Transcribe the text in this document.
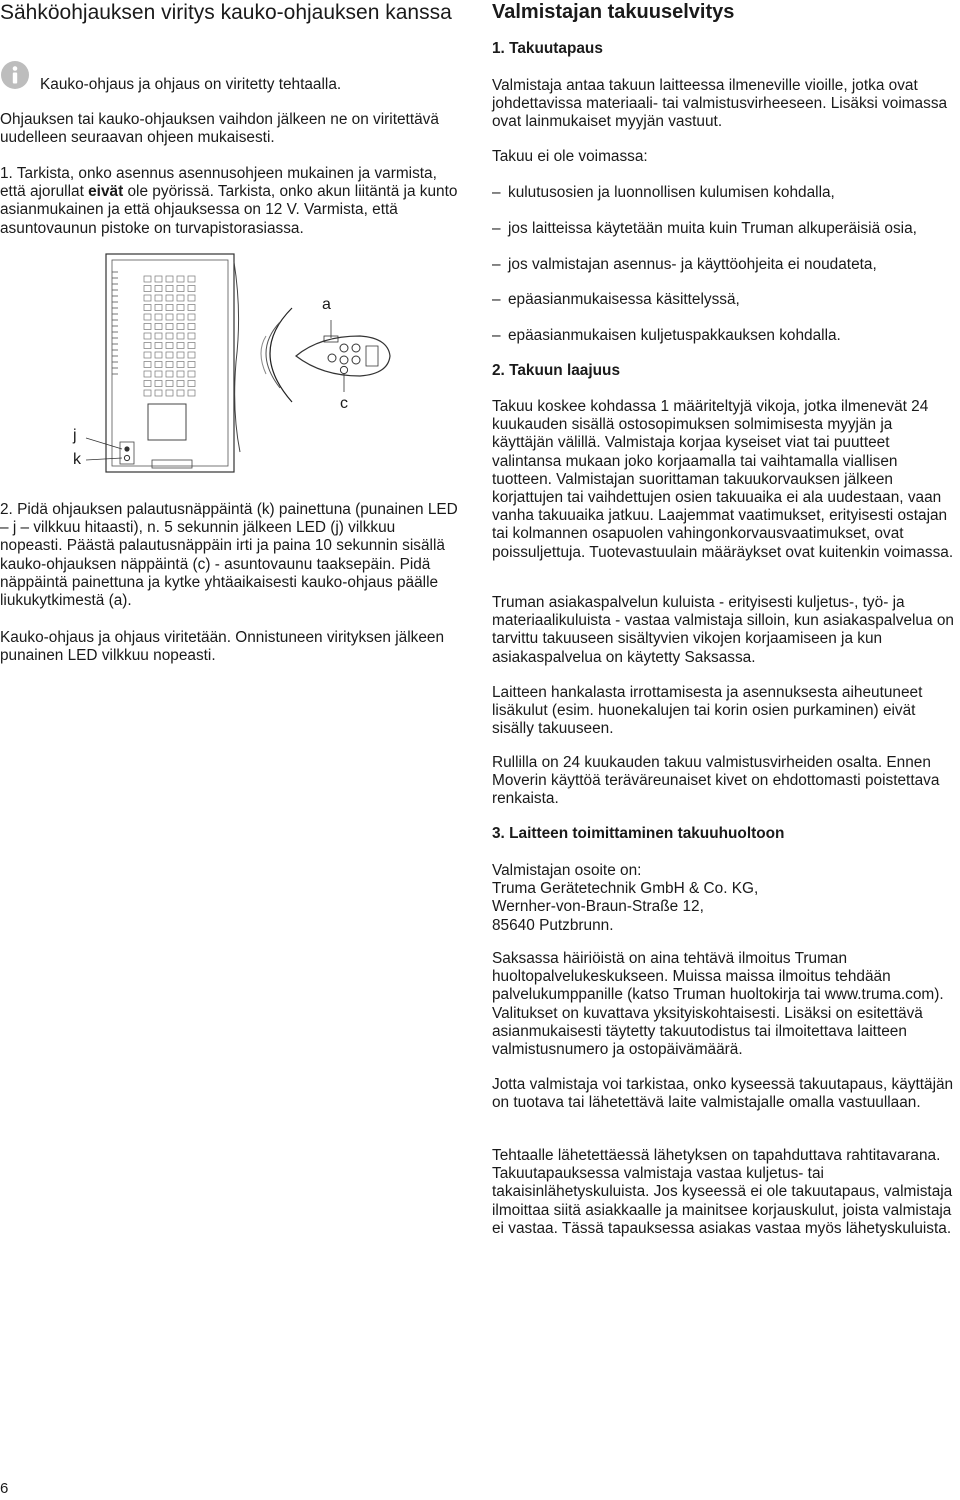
Sähköohjauksen viritys kauko-ohjauksen kanssa

Kauko-ohjaus ja ohjaus on viritetty tehtaalla.

Ohjauksen tai kauko-ohjauksen vaihdon jälkeen ne on viritettävä uudelleen seuraavan ohjeen mukaisesti.

1. Tarkista, onko asennus asennusohjeen mukainen ja varmista, että ajorullat eivät ole pyörissä. Tarkista, onko akun liitäntä ja kunto asianmukainen ja että ohjauksessa on 12 V. Varmista, että asuntovaunun pistoke on turvapistorasiassa.

a
c
j
k

2. Pidä ohjauksen palautusnäppäintä (k) painettuna (punainen LED – j – vilkkuu hitaasti), n. 5 sekunnin jälkeen LED (j) vilkkuu nopeasti. Päästä palautusnäppäin irti ja paina 10 sekunnin sisällä kauko-ohjauksen näppäintä (c) - asuntovaunu taaksepäin. Pidä näppäintä painettuna ja kytke yhtäaikaisesti kauko-ohjaus päälle liukukytkimestä (a).

Kauko-ohjaus ja ohjaus viritetään. Onnistuneen virityksen jälkeen punainen LED vilkkuu nopeasti.

6
Valmistajan takuuselvitys
1. Takuutapaus

Valmistaja antaa takuun laitteessa ilmeneville vioille, jotka ovat johdettavissa materiaali- tai valmistusvirheeseen. Lisäksi voimassa ovat lainmukaiset myyjän vastuut.

Takuu ei ole voimassa:

– kulutusosien ja luonnollisen kulumisen kohdalla,
– jos laitteissa käytetään muita kuin Truman alkuperäisiä osia,
– jos valmistajan asennus- ja käyttöohjeita ei noudateta,
– epäasianmukaisessa käsittelyssä,
– epäasianmukaisen kuljetuspakkauksen kohdalla.
2. Takuun laajuus

Takuu koskee kohdassa 1 määriteltyjä vikoja, jotka ilmenevät 24 kuukauden sisällä ostosopimuksen solmimisesta myyjän ja käyttäjän välillä. Valmistaja korjaa kyseiset viat tai puutteet valintansa mukaan joko korjaamalla tai vaihtamalla viallisen tuotteen. Valmistajan suorittaman takuukorvauksen jälkeen korjattujen tai vaihdettujen osien takuuaika ei ala uudestaan, vaan vanha takuuaika jatkuu. Laajemmat vaatimukset, erityisesti ostajan tai kolmannen osapuolen vahingonkorvausvaatimukset, ovat poissuljettuja. Tuotevastuulain määräykset ovat kuitenkin voimassa.

Truman asiakaspalvelun kuluista - erityisesti kuljetus-, työ- ja materiaalikuluista - vastaa valmistaja silloin, kun asiakaspalvelua on tarvittu takuuseen sisältyvien vikojen korjaamiseen ja kun asiakaspalvelua on käytetty Saksassa.

Laitteen hankalasta irrottamisesta ja asennuksesta aiheutuneet lisäkulut (esim. huonekalujen tai korin osien purkaminen) eivät sisälly takuuseen.

Rullilla on 24 kuukauden takuu valmistusvirheiden osalta. Ennen Moverin käyttöä teräväreunaiset kivet on ehdottomasti poistettava renkaista.

3. Laitteen toimittaminen takuuhuoltoon
Valmistajan osoite on:
Truma Gerätetechnik GmbH & Co. KG,
Wernher-von-Braun-Straße 12,
85640 Putzbrunn.

Saksassa häiriöistä on aina tehtävä ilmoitus Truman huoltopalvelukeskukseen. Muissa maissa ilmoitus tehdään palvelukumppanille (katso Truman huoltokirja tai www.truma.com). Valitukset on kuvattava yksityiskohtaisesti. Lisäksi on esitettävä asianmukaisesti täytetty takuutodistus tai ilmoitettava laitteen valmistusnumero ja ostopäivämäärä.

Jotta valmistaja voi tarkistaa, onko kyseessä takuutapaus, käyttäjän on tuotava tai lähetettävä laite valmistajalle omalla vastuullaan.

Tehtaalle lähetettäessä lähetyksen on tapahduttava rahtitavarana. Takuutapauksessa valmistaja vastaa kuljetus- tai takaisinlähetyskuluista. Jos kyseessä ei ole takuutapaus, valmistaja ilmoittaa siitä asiakkaalle ja mainitsee korjauskulut, joista valmistaja ei vastaa. Tässä tapauksessa asiakas vastaa myös lähetyskuluista.
